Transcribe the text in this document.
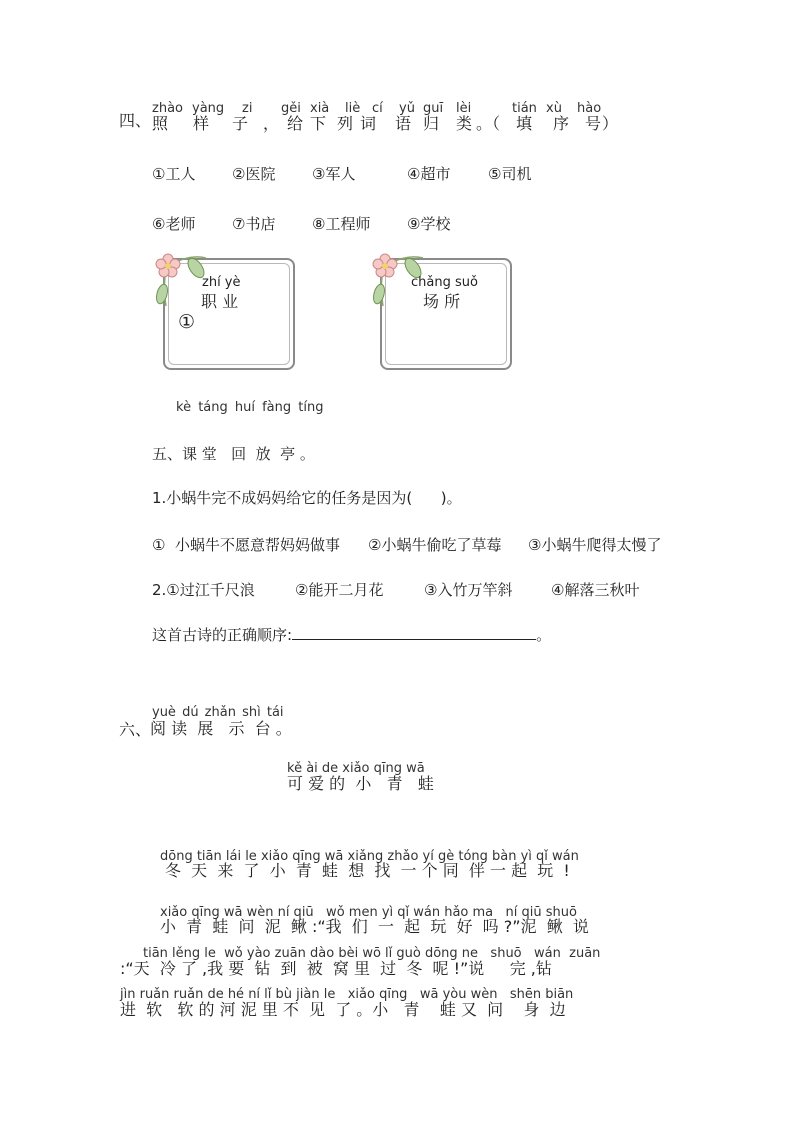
四、 照 样 子 ， 给 下 列 词 语 归 类 。（ 填 序 号 ）
zhào yàng zi gěi xià liè cí yǔ guī lèi	tián xù hào
①工人 ②医院 ③军人	④超市	⑤司机
⑥老师 ⑦书店 ⑧工程师 ⑨学校
zhí yè
职 业
①
chǎng suǒ
场 所
kè táng huí fàng tíng
五、课 堂   回  放  亭 。
1.小蜗牛完不成妈妈给它的任务是因为(      )。
①  小蜗牛不愿意帮妈妈做事 ②小蜗牛偷吃了草莓 ③小蜗牛爬得太慢了
2.①过江千尺浪	②能开二月花	③入竹万竿斜	④解落三秋叶
这首古诗的正确顺序:	。
六、
yuè dú zhǎn shì tái
阅 读  展   示  台 。
kě ài de xiǎo qīng wā
可 爱 的  小   青   蛙
dōng tiān lái le xiǎo qīng wā xiǎng zhǎo yí gè tóng bàn yì qǐ wán
冬  天  来  了  小  青  蛙  想  找  一 个 同  伴 一 起  玩  !
xiǎo qīng wā wèn ní qiū   wǒ men yì qǐ wán hǎo ma   ní qiū shuō
小  青  蛙  问  泥  鳅 :“我  们  一  起  玩  好  吗 ?”泥  鳅  说
tiān lěng le  wǒ yào zuān dào bèi wō lǐ guò dōng ne   shuō   wán  zuān
:“天  冷 了 ,我 要  钻  到  被  窝 里  过  冬  呢 !”说     完 ,钻
jìn ruǎn ruǎn de hé ní lǐ bù jiàn le   xiǎo qīng   wā yòu wèn   shēn biān
进  软   软 的 河 泥 里 不  见  了 。小   青    蛙 又  问    身  边
